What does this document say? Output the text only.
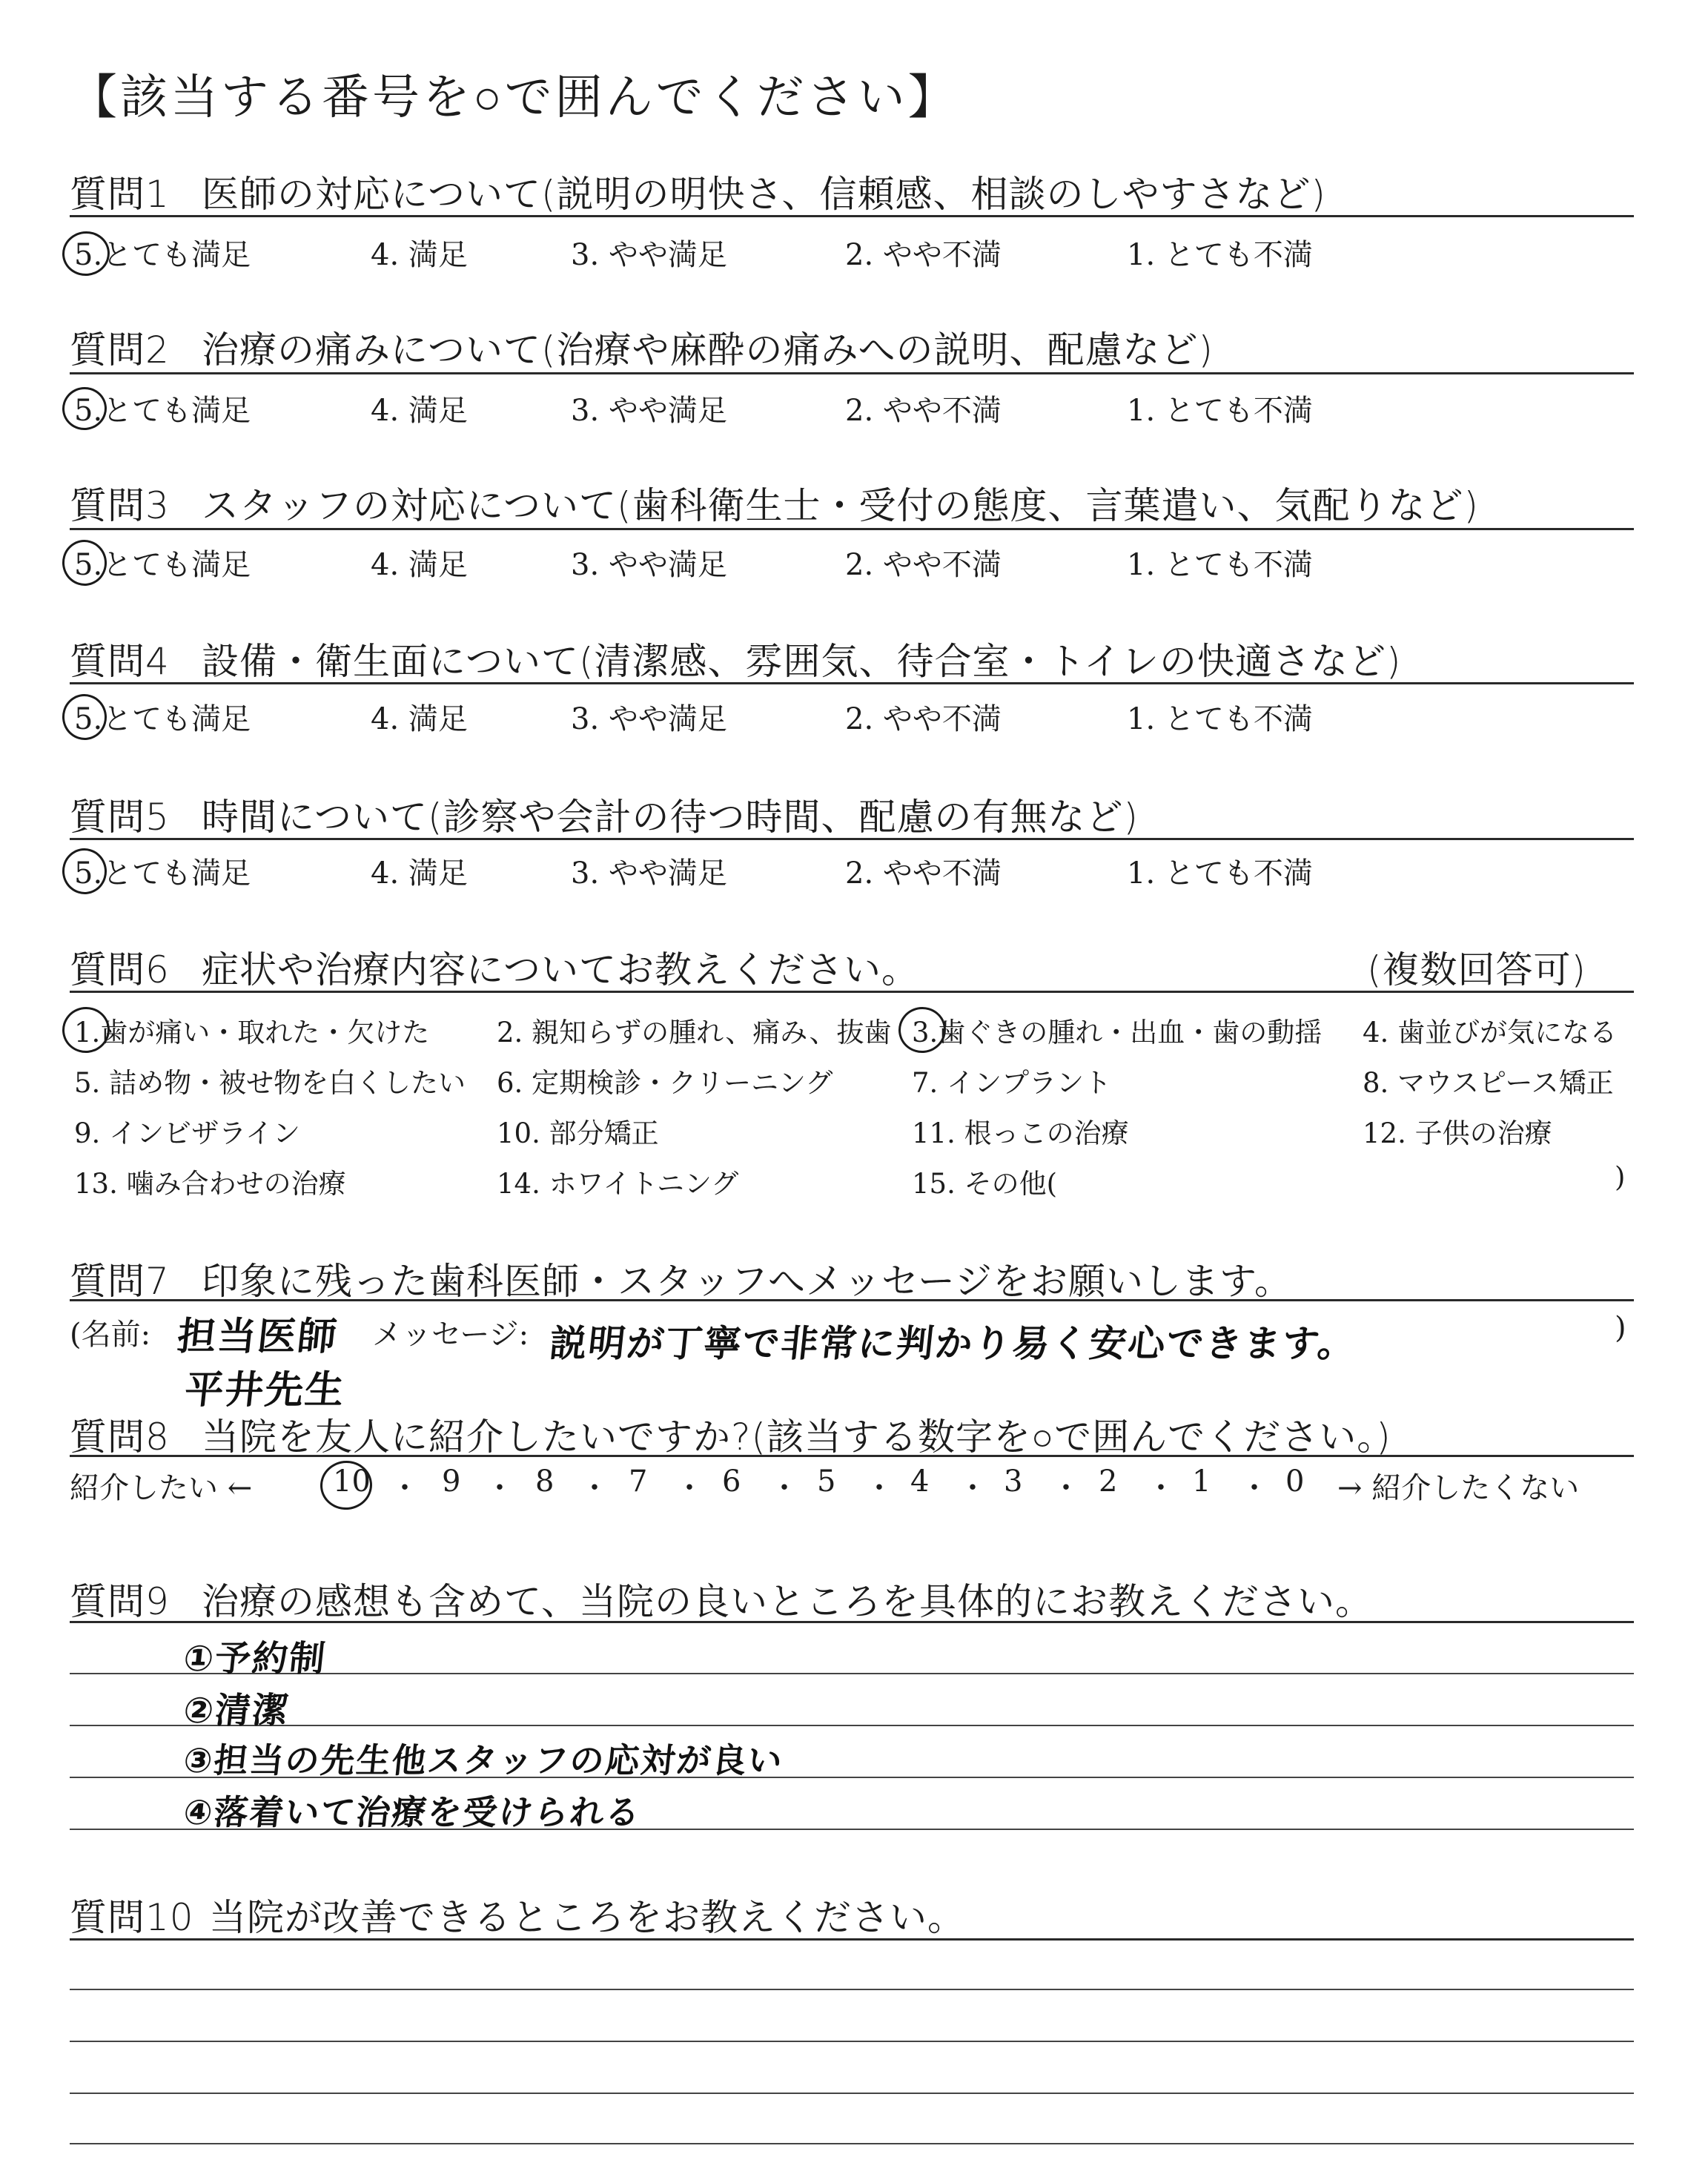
【該当する番号を○で囲んでください】
質問1 医師の対応について(説明の明快さ、信頼感、相談のしやすさなど)
5.とても満足	4. 満足	3. やや満足	2. やや不満	1. とても不満
質問2 治療の痛みについて(治療や麻酔の痛みへの説明、配慮など)
5.とても満足	4. 満足	3. やや満足	2. やや不満	1. とても不満
質問3 スタッフの対応について(歯科衛生士・受付の態度、言葉遣い、気配りなど)
5.とても満足	4. 満足	3. やや満足	2. やや不満	1. とても不満
質問4 設備・衛生面について(清潔感、雰囲気、待合室・トイレの快適さなど)
5.とても満足	4. 満足	3. やや満足	2. やや不満	1. とても不満
質問5 時間について(診察や会計の待つ時間、配慮の有無など)
5.とても満足	4. 満足	3. やや満足	2. やや不満	1. とても不満
質問6 症状や治療内容についてお教えください。	(複数回答可)
1.歯が痛い・取れた・欠けた 2. 親知らずの腫れ、痛み、抜歯 3.歯ぐきの腫れ・出血・歯の動揺 4. 歯並びが気になる
5. 詰め物・被せ物を白くしたい 6. 定期検診・クリーニング	7. インプラント	8. マウスピース矯正
9. インビザライン	10. 部分矯正	11. 根っこの治療	12. 子供の治療
13. 噛み合わせの治療	14. ホワイトニング	15. その他(	)
質問7 印象に残った歯科医師・スタッフへメッセージをお願いします。
(名前: 担当医師
平井先生
メッセージ: 説明が丁寧で非常に判かり易く安心できます。	)
質問8 当院を友人に紹介したいですか?(該当する数字を○で囲んでください。)
紹介したい ←	10 ・ 9 ・ 8 ・ 7 ・ 6 ・ 5 ・ 4 ・ 3 ・ 2 ・ 1 ・ 0 → 紹介したくない
質問9 治療の感想も含めて、当院の良いところを具体的にお教えください。
①予約制
②清潔
③担当の先生他スタッフの応対が良い
④落着いて治療を受けられる
質問10 当院が改善できるところをお教えください。
